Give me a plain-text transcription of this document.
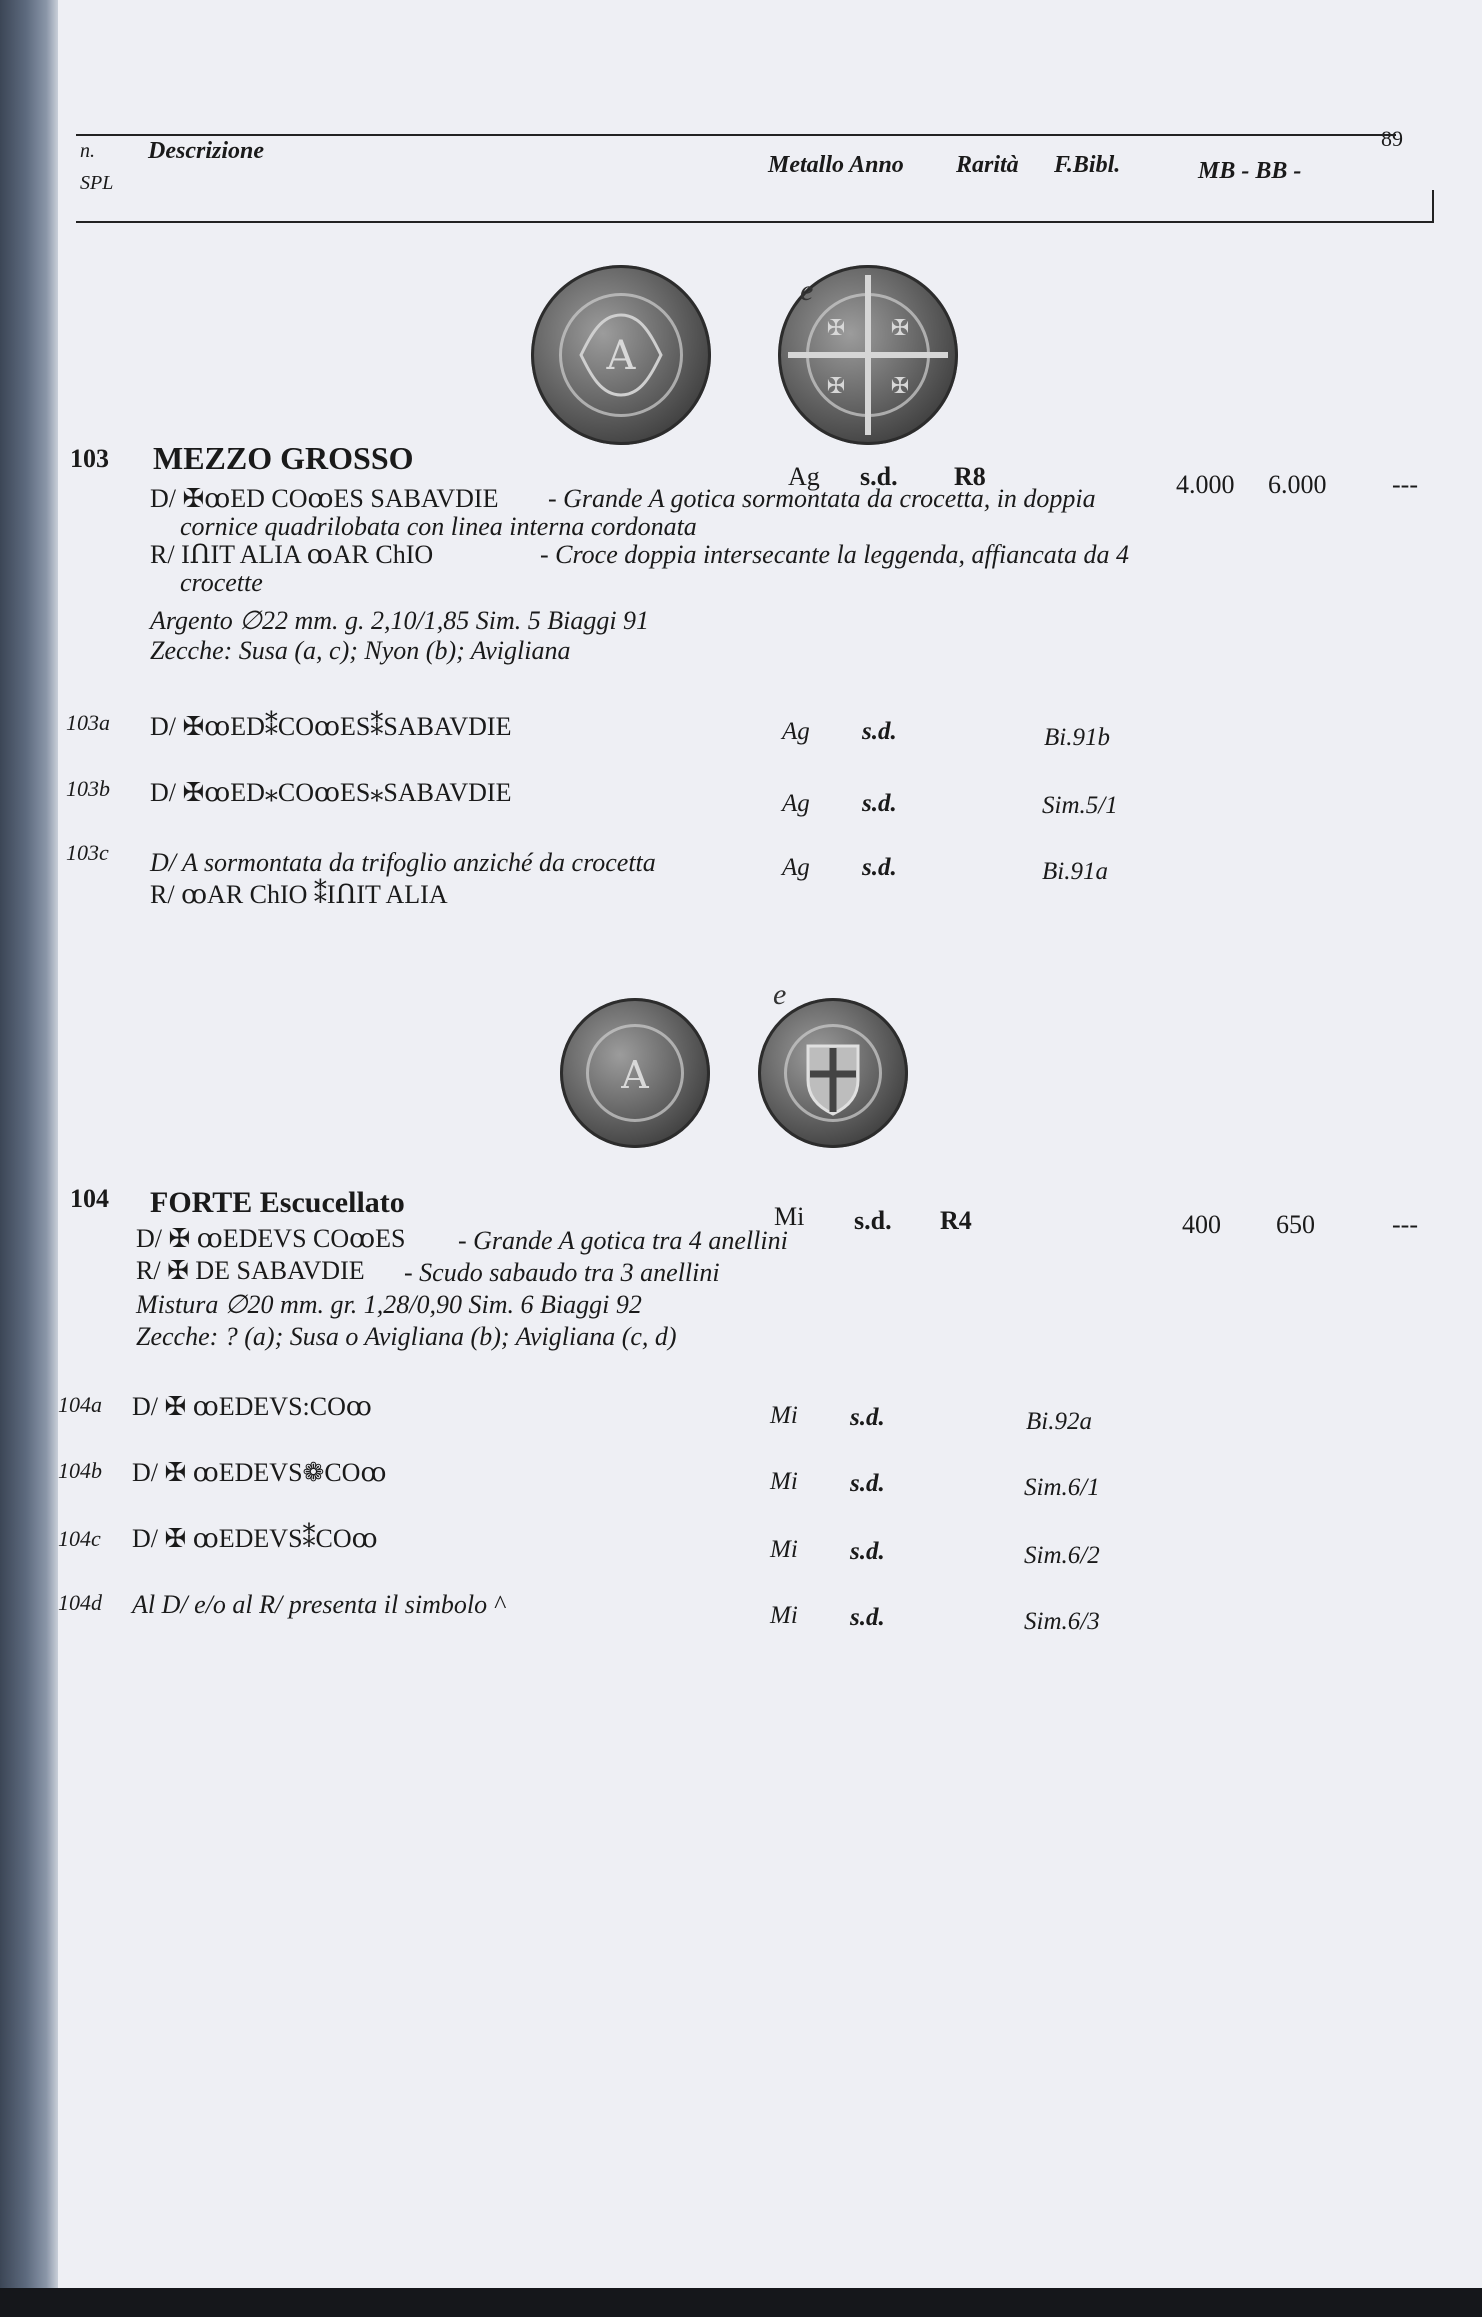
89
n.
SPL
Descrizione
Metallo Anno Rarità F.Bibl.	MB - BB -
A
✠ ✠
✠ ✠
e
103 MEZZO GROSSO
Ag s.d. R8	4.000 6.000	---
D/ ✠ꝏED COꝏES SABAVDIE - Grande A gotica sormontata da crocetta, in doppia
cornice quadrilobata con linea interna cordonata
R/ IՈIT ALIA ꝏAR ChIO	- Croce doppia intersecante la leggenda, affiancata da 4
crocette
Argento ∅22 mm. g. 2,10/1,85 Sim. 5 Biaggi 91
Zecche: Susa (a, c); Nyon (b); Avigliana
103a D/ ✠ꝏED⁑COꝏES⁑SABAVDIE	Ag s.d.	Bi.91b
103b D/ ✠ꝏED⁎COꝏES⁎SABAVDIE	Ag s.d.	Sim.5/1
103c D/ A sormontata da trifoglio anziché da crocetta
R/ ꝏAR ChIO ⁑IՈIT ALIA
Ag s.d.	Bi.91a
A
e
104 FORTE Escucellato	Mi s.d. R4	400 650	---
D/ ✠ ꝏEDEVS COꝏES - Grande A gotica tra 4 anellini
R/ ✠ DE SABAVDIE - Scudo sabaudo tra 3 anellini
Mistura ∅20 mm. gr. 1,28/0,90 Sim. 6 Biaggi 92
Zecche: ? (a); Susa o Avigliana (b); Avigliana (c, d)
104a D/ ✠ ꝏEDEVS:COꝏ	Mi s.d.	Bi.92a
104b D/ ✠ ꝏEDEVS❁COꝏ	Mi s.d.	Sim.6/1
104c D/ ✠ ꝏEDEVS⁑COꝏ	Mi s.d.	Sim.6/2
104d Al D/ e/o al R/ presenta il simbolo ^	Mi s.d.	Sim.6/3
